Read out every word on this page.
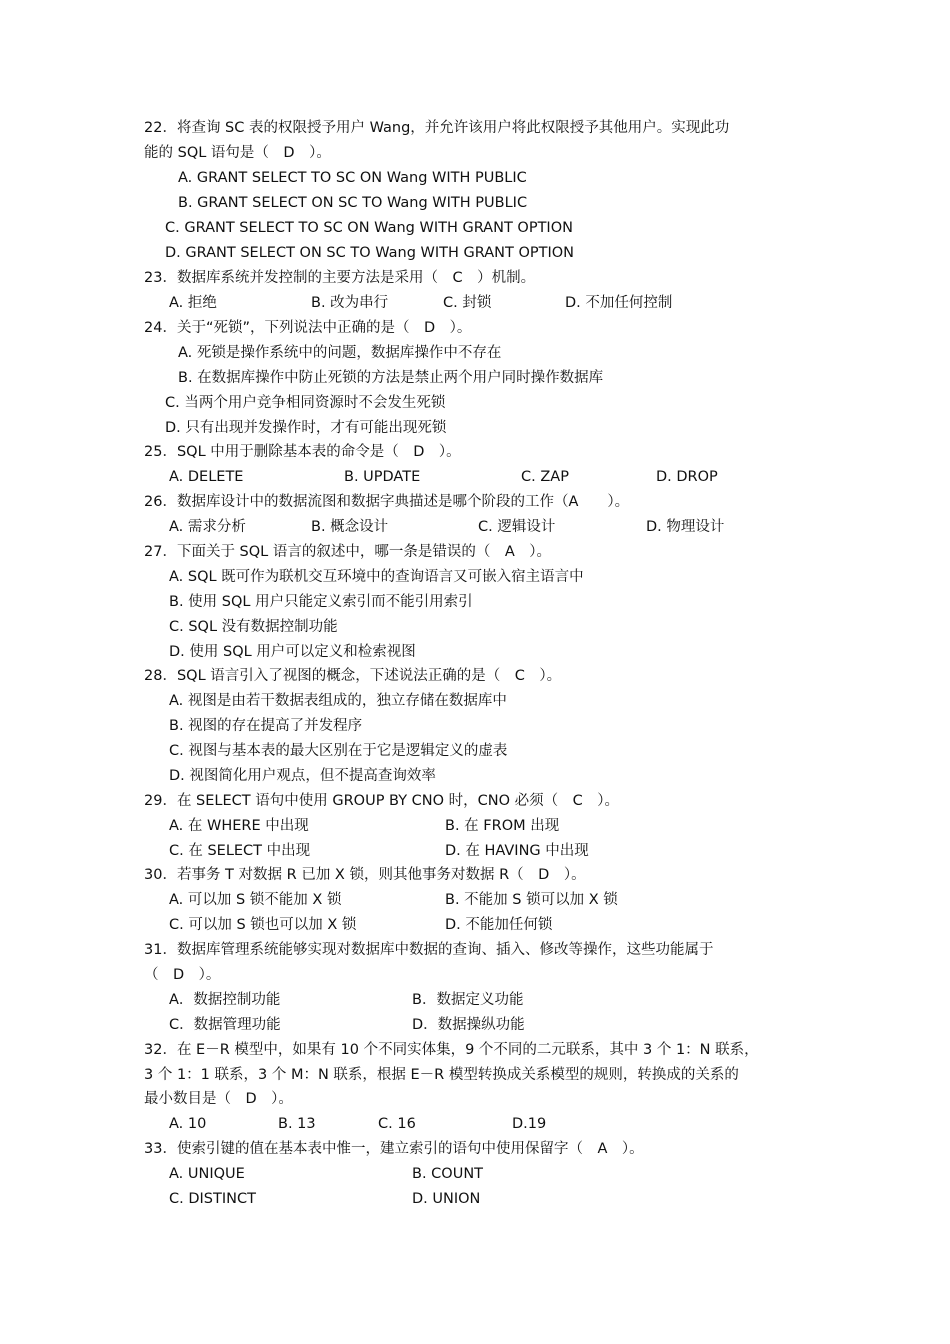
22．将查询 SC 表的权限授予用户 Wang，并允许该用户将此权限授予其他用户。实现此功
能的 SQL 语句是（　D　）。
A. GRANT SELECT TO SC ON Wang WITH PUBLIC
B. GRANT SELECT ON SC TO Wang WITH PUBLIC
C. GRANT SELECT TO SC ON Wang WITH GRANT OPTION
D. GRANT SELECT ON SC TO Wang WITH GRANT OPTION
23．数据库系统并发控制的主要方法是采用（　C　）机制。
A. 拒绝	B. 改为串行	C. 封锁	D. 不加任何控制
24．关于“死锁”，下列说法中正确的是（　D　）。
A. 死锁是操作系统中的问题，数据库操作中不存在
B. 在数据库操作中防止死锁的方法是禁止两个用户同时操作数据库
C. 当两个用户竞争相同资源时不会发生死锁
D. 只有出现并发操作时，才有可能出现死锁
25．SQL 中用于删除基本表的命令是（　D　）。
A. DELETE	B. UPDATE	C. ZAP	D. DROP
26．数据库设计中的数据流图和数据字典描述是哪个阶段的工作（A　　）。
A. 需求分析	B. 概念设计	C. 逻辑设计	D. 物理设计
27．下面关于 SQL 语言的叙述中，哪一条是错误的（　A　）。
A. SQL 既可作为联机交互环境中的查询语言又可嵌入宿主语言中
B. 使用 SQL 用户只能定义索引而不能引用索引
C. SQL 没有数据控制功能
D. 使用 SQL 用户可以定义和检索视图
28．SQL 语言引入了视图的概念，下述说法正确的是（　C　）。
A. 视图是由若干数据表组成的，独立存储在数据库中
B. 视图的存在提高了并发程序
C. 视图与基本表的最大区别在于它是逻辑定义的虚表
D. 视图简化用户观点，但不提高查询效率
29．在 SELECT 语句中使用 GROUP BY CNO 时，CNO 必须（　C　）。
A. 在 WHERE 中出现	B. 在 FROM 出现
C. 在 SELECT 中出现	D. 在 HAVING 中出现
30．若事务 T 对数据 R 已加 X 锁，则其他事务对数据 R（　D　）。
A. 可以加 S 锁不能加 X 锁	B. 不能加 S 锁可以加 X 锁
C. 可以加 S 锁也可以加 X 锁	D. 不能加任何锁
31．数据库管理系统能够实现对数据库中数据的查询、插入、修改等操作，这些功能属于
（　D　）。
A．数据控制功能	B．数据定义功能
C．数据管理功能	D．数据操纵功能
32．在 E－R 模型中，如果有 10 个不同实体集，9 个不同的二元联系，其中 3 个 1：N 联系，
3 个 1：1 联系，3 个 M：N 联系，根据 E－R 模型转换成关系模型的规则，转换成的关系的
最小数目是（　D　）。
A. 10	B. 13	C. 16	D.19
33．使索引键的值在基本表中惟一，建立索引的语句中使用保留字（　A　）。
A. UNIQUE	B. COUNT
C. DISTINCT	D. UNION
